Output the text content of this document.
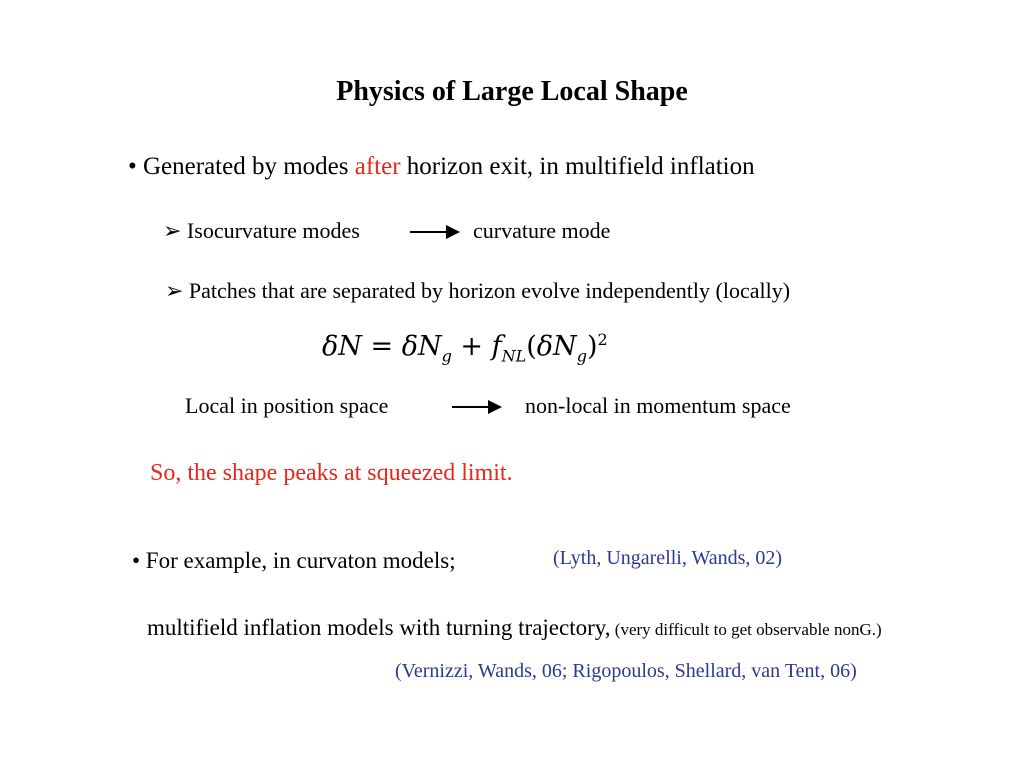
Physics of Large Local Shape
• Generated by modes after horizon exit, in multifield inflation
➢ Isocurvature modes	curvature mode
➢ Patches that are separated by horizon evolve independently (locally)
$\delta N = \delta N_g + f_{NL}(\delta N_g)^2$
Local in position space	non-local in momentum space
So, the shape peaks at squeezed limit.
• For example, in curvaton models;	(Lyth, Ungarelli, Wands, 02)
multifield inflation models with turning trajectory, (very difficult to get observable nonG.)
(Vernizzi, Wands, 06; Rigopoulos, Shellard, van Tent, 06)
